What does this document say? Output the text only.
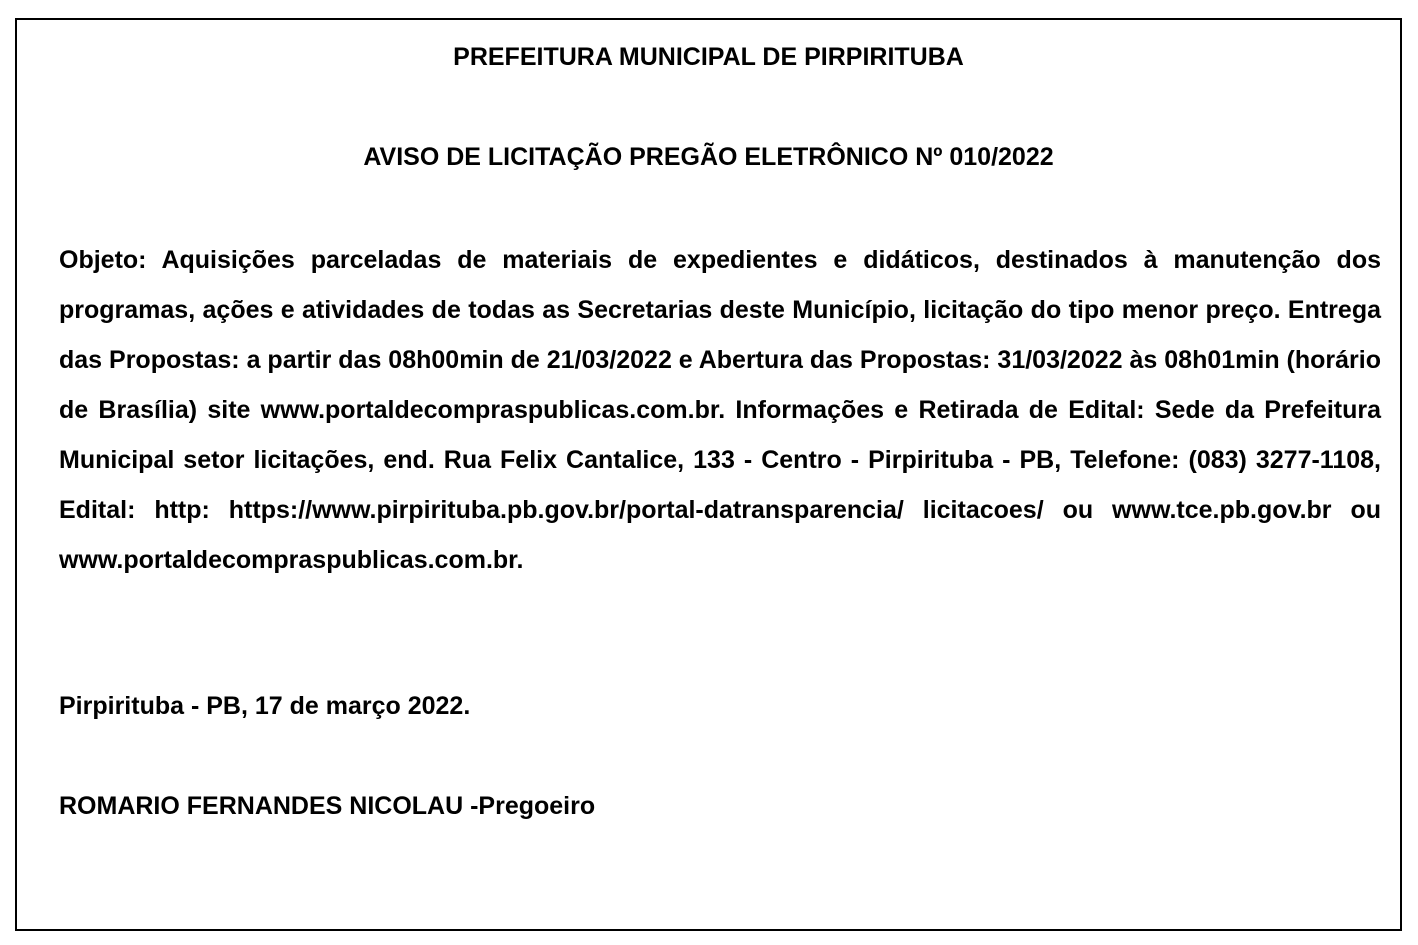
PREFEITURA MUNICIPAL DE PIRPIRITUBA

AVISO DE LICITAÇÃO PREGÃO ELETRÔNICO Nº 010/2022

Objeto: Aquisições parceladas de materiais de expedientes e didáticos, destinados à manutenção dos programas, ações e atividades de todas as Secretarias deste Município, licitação do tipo menor preço. Entrega das Propostas: a partir das 08h00min de 21/03/2022 e Abertura das Propostas: 31/03/2022 às 08h01min (horário de Brasília) site www.portaldecompraspublicas.com.br. Informações e Retirada de Edital: Sede da Prefeitura Municipal setor licitações, end. Rua Felix Cantalice, 133 - Centro - Pirpirituba - PB, Telefone: (083) 3277-1108, Edital: http: https://www.pirpirituba.pb.gov.br/portal-datransparencia/ licitacoes/ ou www.tce.pb.gov.br ou www.portaldecompraspublicas.com.br.

Pirpirituba - PB, 17 de março 2022.

ROMARIO FERNANDES NICOLAU -Pregoeiro
